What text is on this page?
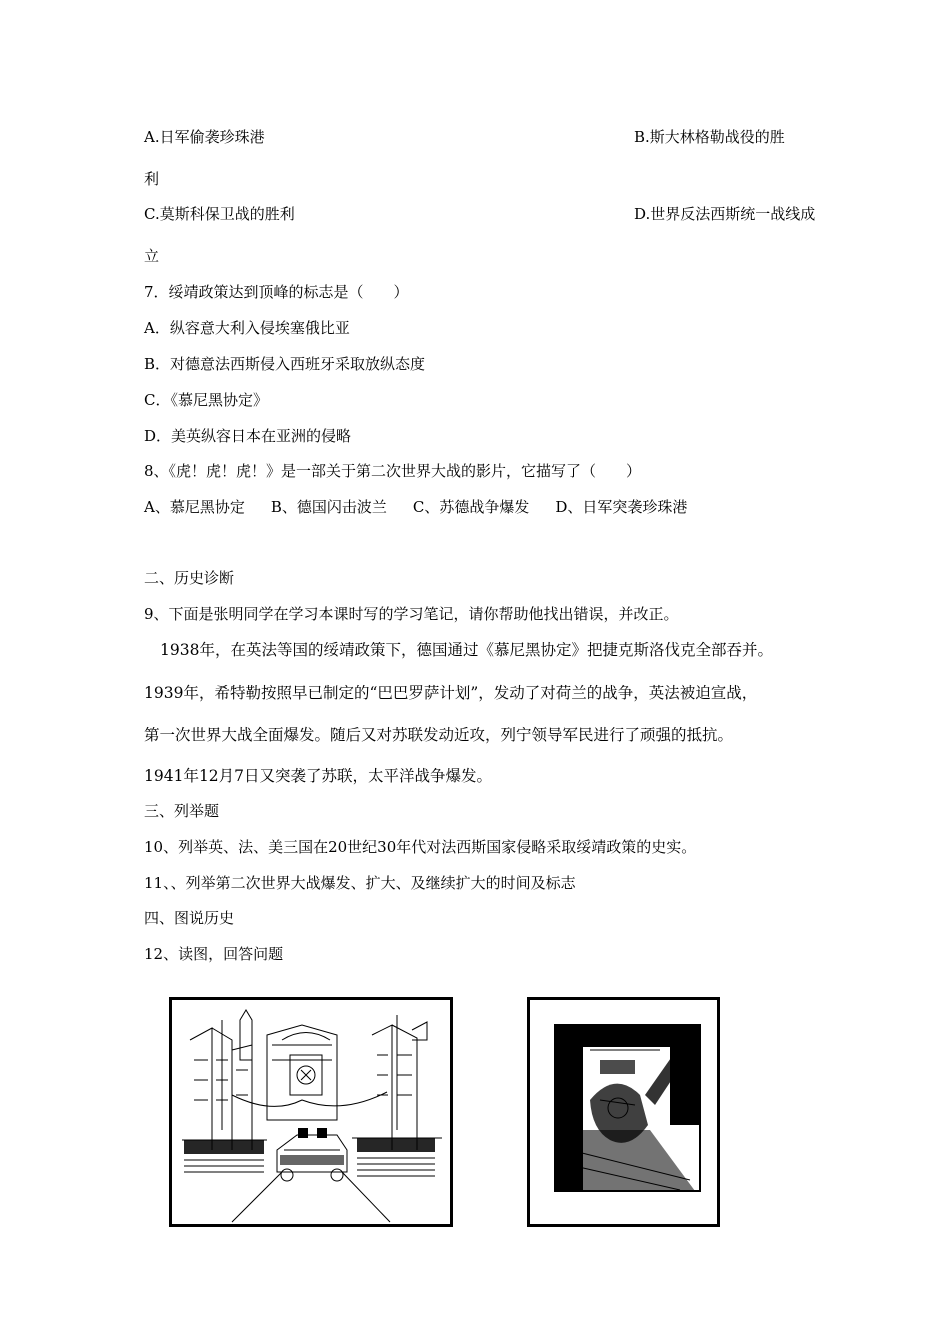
A.日军偷袭珍珠港	B.斯大林格勒战役的胜
利
C.莫斯科保卫战的胜利	D.世界反法西斯统一战线成
立
7．绥靖政策达到顶峰的标志是（　　）
A．纵容意大利入侵埃塞俄比亚
B．对德意法西斯侵入西班牙采取放纵态度
C．《慕尼黑协定》
D．美英纵容日本在亚洲的侵略
8、《虎！虎！虎！》是一部关于第二次世界大战的影片，它描写了（　　）
A、慕尼黑协定 B、德国闪击波兰 C、苏德战争爆发 D、日军突袭珍珠港
二、历史诊断
9、下面是张明同学在学习本课时写的学习笔记，请你帮助他找出错误，并改正。
1938年，在英法等国的绥靖政策下，德国通过《慕尼黑协定》把捷克斯洛伐克全部吞并。
1939年，希特勒按照早已制定的“巴巴罗萨计划”，发动了对荷兰的战争，英法被迫宣战，
第一次世界大战全面爆发。随后又对苏联发动近攻，列宁领导军民进行了顽强的抵抗。
1941年12月7日又突袭了苏联，太平洋战争爆发。
三、列举题
10、列举英、法、美三国在20世纪30年代对法西斯国家侵略采取绥靖政策的史实。
11、、列举第二次世界大战爆发、扩大、及继续扩大的时间及标志
四、图说历史
12、读图，回答问题
